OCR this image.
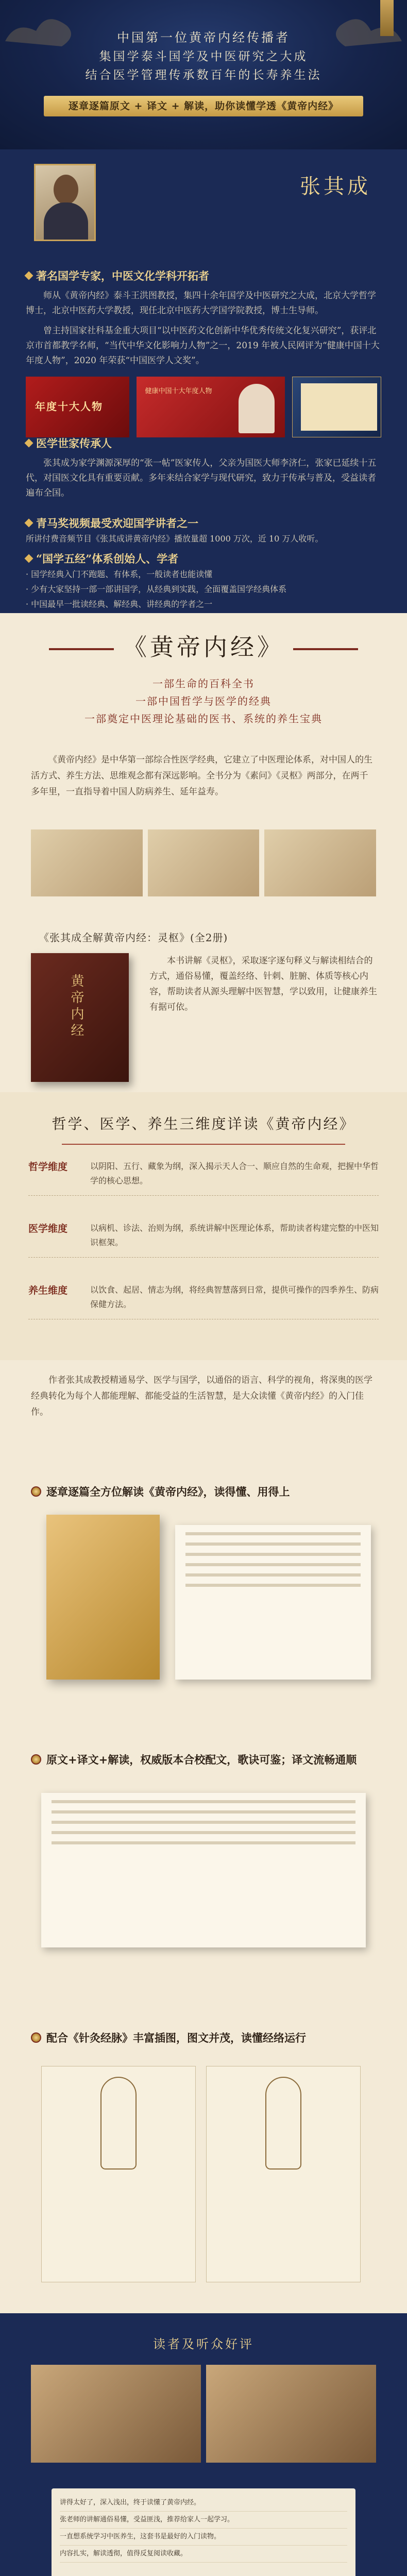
中国第一位黄帝内经传播者
集国学泰斗国学及中医研究之大成
结合医学管理传承数百年的长寿养生法
逐章逐篇原文 + 译文 + 解读，助你读懂学透《黄帝内经》
张其成
著名国学专家，中医文化学科开拓者

师从《黄帝内经》泰斗王洪图教授，集四十余年国学及中医研究之大成，北京大学哲学博士，北京中医药大学教授，现任北京中医药大学国学院教授，博士生导师。

曾主持国家社科基金重大项目“以中医药文化创新中华优秀传统文化复兴研究”，获评北京市首都教学名师，“当代中华文化影响力人物”之一，2019 年被人民网评为“健康中国十大年度人物”，2020 年荣获“中国医学人文奖”。

年度十大人物
健康中国十大年度人物
医学世家传承人

张其成为家学渊源深厚的“张一帖”医家传人，父亲为国医大师李济仁，张家已延续十五代，对国医文化具有重要贡献。多年来结合家学与现代研究，致力于传承与普及，受益读者遍布全国。

青马奖视频最受欢迎国学讲者之一
所讲付费音频节目《张其成讲黄帝内经》播放量超 1000 万次，近 10 万人收听。
“国学五经”体系创始人、学者
· 国学经典入门不跑题、有体系，一般读者也能读懂
· 少有大家坚持一部一部讲国学，从经典到实践，全面覆盖国学经典体系
· 中国最早一批读经典、解经典、讲经典的学者之一
《黄帝内经》
一部生命的百科全书
一部中国哲学与医学的经典
一部奠定中医理论基础的医书、系统的养生宝典
《黄帝内经》是中华第一部综合性医学经典，它建立了中医理论体系，对中国人的生活方式、养生方法、思维观念都有深远影响。全书分为《素问》《灵枢》两部分，在两千多年里，一直指导着中国人防病养生、延年益寿。
《张其成全解黄帝内经：灵枢》(全2册)
黄帝内经
本书讲解《灵枢》，采取逐字逐句释义与解读相结合的方式，通俗易懂，覆盖经络、针刺、脏腑、体质等核心内容，帮助读者从源头理解中医智慧，学以致用，让健康养生有据可依。
哲学、医学、养生三维度详读《黄帝内经》
哲学维度	以阴阳、五行、藏象为纲，深入揭示天人合一、顺应自然的生命观，把握中华哲学的核心思想。
医学维度	以病机、诊法、治则为纲，系统讲解中医理论体系，帮助读者构建完整的中医知识框架。
养生维度	以饮食、起居、情志为纲，将经典智慧落到日常，提供可操作的四季养生、防病保健方法。

作者张其成教授精通易学、医学与国学，以通俗的语言、科学的视角，将深奥的医学经典转化为每个人都能理解、都能受益的生活智慧，是大众读懂《黄帝内经》的入门佳作。

逐章逐篇全方位解读《黄帝内经》，读得懂、用得上
原文+译文+解读，权威版本合校配文，歌诀可鉴；译文流畅通顺
配合《针灸经脉》丰富插图，图文并茂，读懂经络运行
读者及听众好评
讲得太好了，深入浅出，终于读懂了黄帝内经。
张老师的讲解通俗易懂，受益匪浅，推荐给家人一起学习。
一直想系统学习中医养生，这套书是最好的入门读物。
内容扎实，解读透彻，值得反复阅读收藏。
